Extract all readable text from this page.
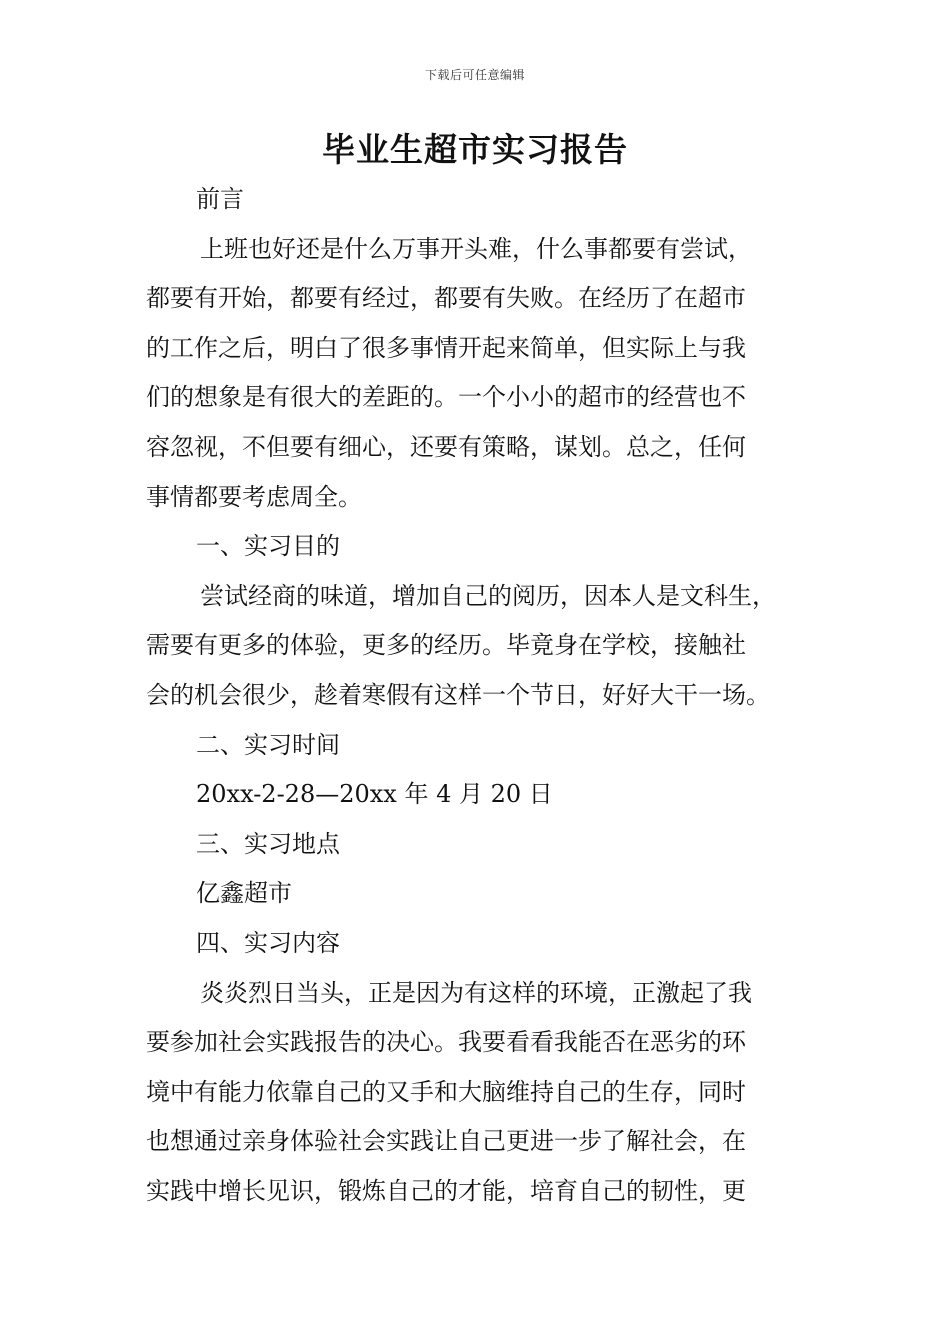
下载后可任意编辑
毕业生超市实习报告

前言

上班也好还是什么万事开头难，什么事都要有尝试，

都要有开始，都要有经过，都要有失败。在经历了在超市

的工作之后，明白了很多事情开起来简单，但实际上与我

们的想象是有很大的差距的。一个小小的超市的经营也不

容忽视，不但要有细心，还要有策略，谋划。总之，任何

事情都要考虑周全。

一、实习目的

尝试经商的味道，增加自己的阅历，因本人是文科生，

需要有更多的体验，更多的经历。毕竟身在学校，接触社

会的机会很少，趁着寒假有这样一个节日，好好大干一场。

二、实习时间

20xx-2-28—20xx 年 4 月 20 日

三、实习地点

亿鑫超市

四、实习内容

炎炎烈日当头，正是因为有这样的环境，正激起了我

要参加社会实践报告的决心。我要看看我能否在恶劣的环

境中有能力依靠自己的又手和大脑维持自己的生存，同时

也想通过亲身体验社会实践让自己更进一步了解社会，在

实践中增长见识，锻炼自己的才能，培育自己的韧性，更
